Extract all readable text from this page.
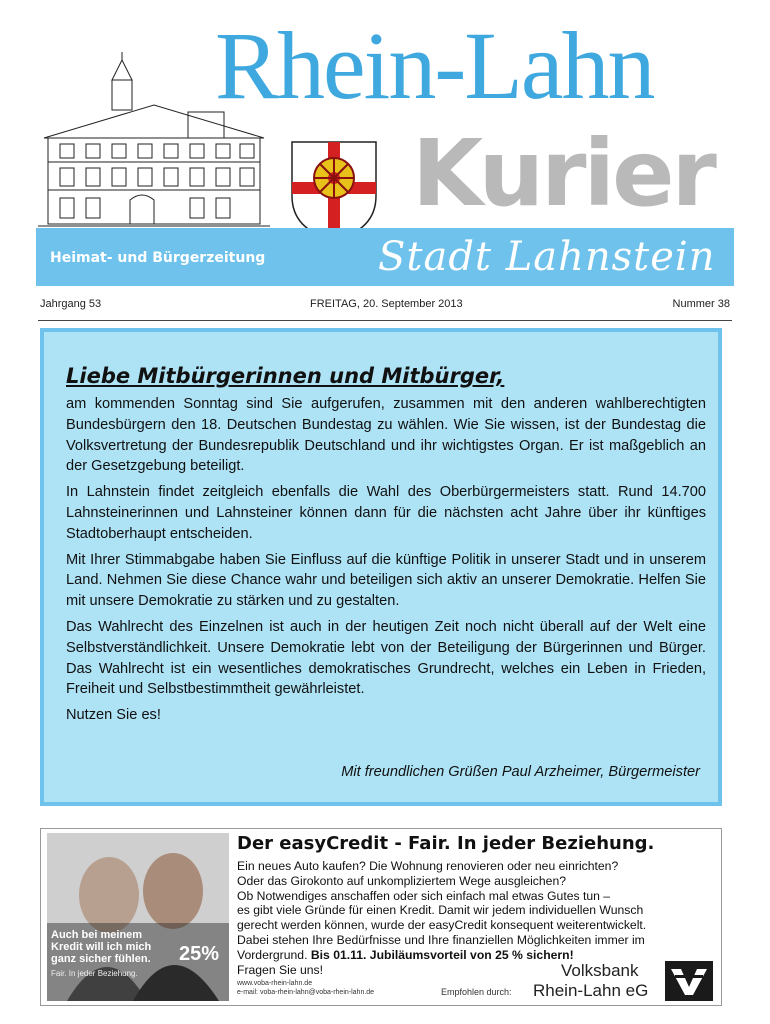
Rhein-Lahn
Kurier
Heimat- und Bürgerzeitung	Stadt Lahnstein
Jahrgang 53	FREITAG, 20. September 2013	Nummer 38
Liebe Mitbürgerinnen und Mitbürger,

am kommenden Sonntag sind Sie aufgerufen, zusammen mit den anderen wahlberechtigten Bundesbürgern den 18. Deutschen Bundestag zu wählen. Wie Sie wissen, ist der Bundestag die Volksvertretung der Bundesrepublik Deutschland und ihr wichtigstes Organ. Er ist maßgeblich an der Gesetzgebung beteiligt.

In Lahnstein findet zeitgleich ebenfalls die Wahl des Oberbürgermeisters statt. Rund 14.700 Lahnsteinerinnen und Lahnsteiner können dann für die nächsten acht Jahre über ihr künftiges Stadtoberhaupt entscheiden.

Mit Ihrer Stimmabgabe haben Sie Einfluss auf die künftige Politik in unserer Stadt und in unserem Land. Nehmen Sie diese Chance wahr und beteiligen sich aktiv an unserer Demokratie. Helfen Sie mit unsere Demokratie zu stärken und zu gestalten.

Das Wahlrecht des Einzelnen ist auch in der heutigen Zeit noch nicht überall auf der Welt eine Selbstverständlichkeit. Unsere Demokratie lebt von der Beteiligung der Bürgerinnen und Bürger. Das Wahlrecht ist ein wesentliches demokratisches Grundrecht, welches ein Leben in Frieden, Freiheit und Selbstbestimmtheit gewährleistet.

Nutzen Sie es!

Mit freundlichen Grüßen Paul Arzheimer, Bürgermeister
Auch bei meinem Kredit will ich mich ganz sicher fühlen.
Fair. In jeder Beziehung.
25%
Der easyCredit - Fair. In jeder Beziehung.
Ein neues Auto kaufen? Die Wohnung renovieren oder neu einrichten?
Oder das Girokonto auf unkompliziertem Wege ausgleichen?
Ob Notwendiges anschaffen oder sich einfach mal etwas Gutes tun –
es gibt viele Gründe für einen Kredit. Damit wir jedem individuellen Wunsch
gerecht werden können, wurde der easyCredit konsequent weiterentwickelt.
Dabei stehen Ihre Bedürfnisse und Ihre finanziellen Möglichkeiten immer im
Vordergrund. Bis 01.11. Jubiläumsvorteil von 25 % sichern!
Fragen Sie uns!
www.voba-rhein-lahn.de
e-mail: voba-rhein-lahn@voba-rhein-lahn.de	Empfohlen durch:
Volksbank
Rhein-Lahn eG
